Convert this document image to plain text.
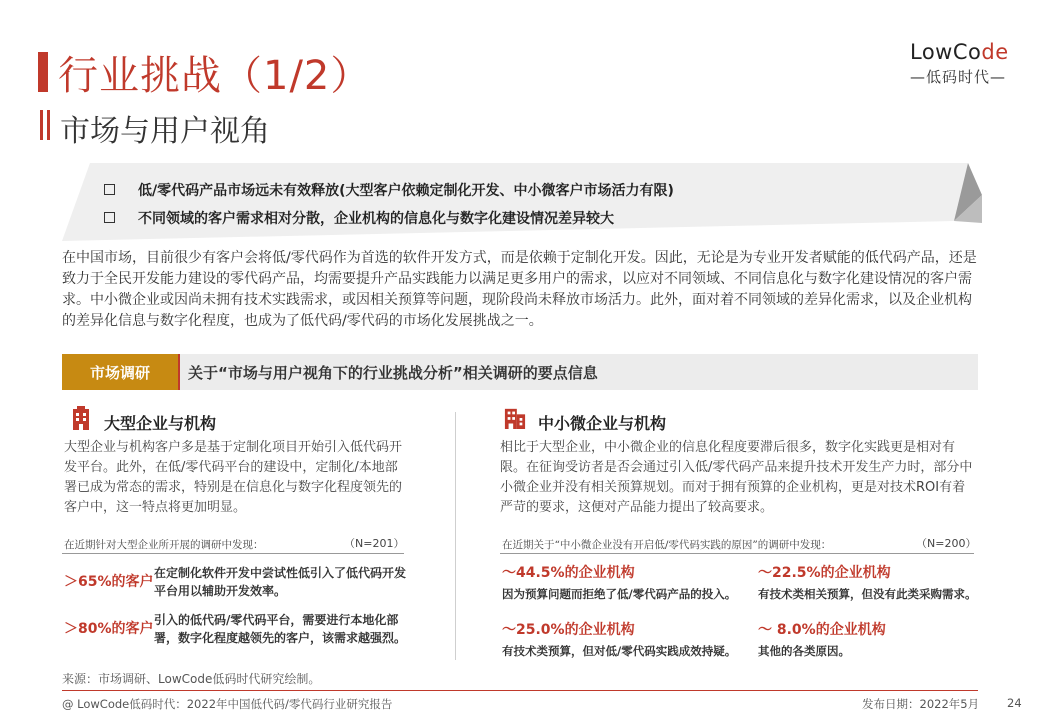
行业挑战（1/2）
市场与用户视角
LowCode
—低码时代—
低/零代码产品市场远未有效释放(大型客户依赖定制化开发、中小微客户市场活力有限)
不同领域的客户需求相对分散，企业机构的信息化与数字化建设情况差异较大
在中国市场，目前很少有客户会将低/零代码作为首选的软件开发方式，而是依赖于定制化开发。因此，无论是为专业开发者赋能的低代码产品，还是致力于全民开发能力建设的零代码产品，均需要提升产品实践能力以满足更多用户的需求，以应对不同领域、不同信息化与数字化建设情况的客户需求。中小微企业或因尚未拥有技术实践需求，或因相关预算等问题，现阶段尚未释放市场活力。此外，面对着不同领域的差异化需求，以及企业机构的差异化信息与数字化程度，也成为了低代码/零代码的市场化发展挑战之一。
市场调研	关于“市场与用户视角下的行业挑战分析”相关调研的要点信息
大型企业与机构
大型企业与机构客户多是基于定制化项目开始引入低代码开发平台。此外，在低/零代码平台的建设中，定制化/本地部署已成为常态的需求，特别是在信息化与数字化程度领先的客户中，这一特点将更加明显。
在近期针对大型企业所开展的调研中发现：	（N=201）
＞65%的客户
在定制化软件开发中尝试性低引入了低代码开发平台用以辅助开发效率。
＞80%的客户
引入的低代码/零代码平台，需要进行本地化部署，数字化程度越领先的客户，该需求越强烈。
中小微企业与机构
相比于大型企业，中小微企业的信息化程度要滞后很多，数字化实践更是相对有限。在征询受访者是否会通过引入低/零代码产品来提升技术开发生产力时，部分中小微企业并没有相关预算规划。而对于拥有预算的企业机构，更是对技术ROI有着严苛的要求，这便对产品能力提出了较高要求。
在近期关于“中小微企业没有开启低/零代码实践的原因”的调研中发现：	（N=200）
～44.5%的企业机构
因为预算问题而拒绝了低/零代码产品的投入。
～22.5%的企业机构
有技术类相关预算，但没有此类采购需求。
～25.0%的企业机构
有技术类预算，但对低/零代码实践成效持疑。
～ 8.0%的企业机构
其他的各类原因。
来源：市场调研、LowCode低码时代研究绘制。
@ LowCode低码时代：2022年中国低代码/零代码行业研究报告	发布日期：2022年5月 24
